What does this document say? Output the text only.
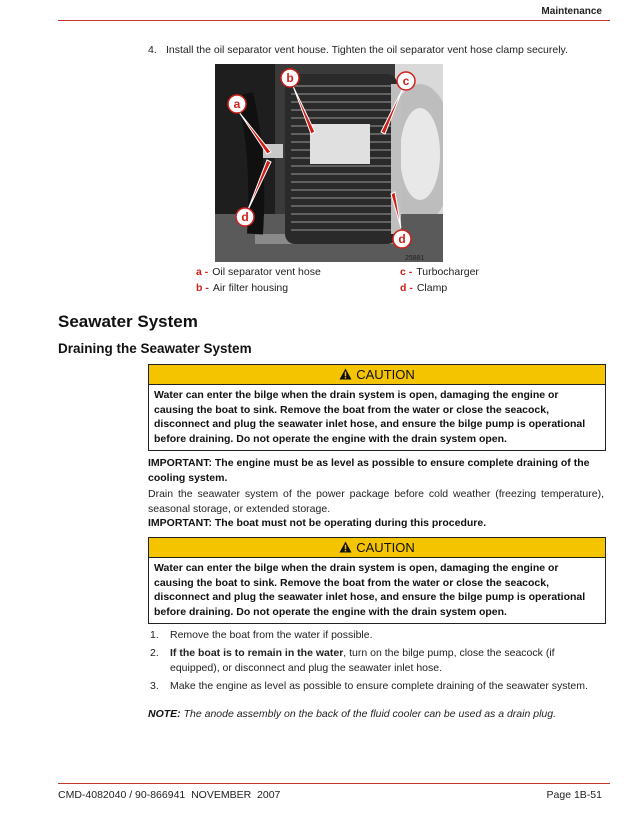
Maintenance
4. Install the oil separator vent house. Tighten the oil separator vent hose clamp securely.
a
b	c
d
d
25881
a - Oil separator vent hose	c - Turbocharger
b - Air filter housing	d - Clamp
Seawater System
Draining the Seawater System
CAUTION
Water can enter the bilge when the drain system is open, damaging the engine or causing the boat to sink. Remove the boat from the water or close the seacock, disconnect and plug the seawater inlet hose, and ensure the bilge pump is operational before draining. Do not operate the engine with the drain system open.
IMPORTANT: The engine must be as level as possible to ensure complete draining of the cooling system.
Drain the seawater system of the power package before cold weather (freezing temperature), seasonal storage, or extended storage.
IMPORTANT: The boat must not be operating during this procedure.
CAUTION
Water can enter the bilge when the drain system is open, damaging the engine or causing the boat to sink. Remove the boat from the water or close the seacock, disconnect and plug the seawater inlet hose, and ensure the bilge pump is operational before draining. Do not operate the engine with the drain system open.
1. Remove the boat from the water if possible.
2. If the boat is to remain in the water, turn on the bilge pump, close the seacock (if equipped), or disconnect and plug the seawater inlet hose.
3. Make the engine as level as possible to ensure complete draining of the seawater system.
NOTE: The anode assembly on the back of the fluid cooler can be used as a drain plug.
CMD-4082040 / 90-866941  NOVEMBER  2007	Page 1B-51
